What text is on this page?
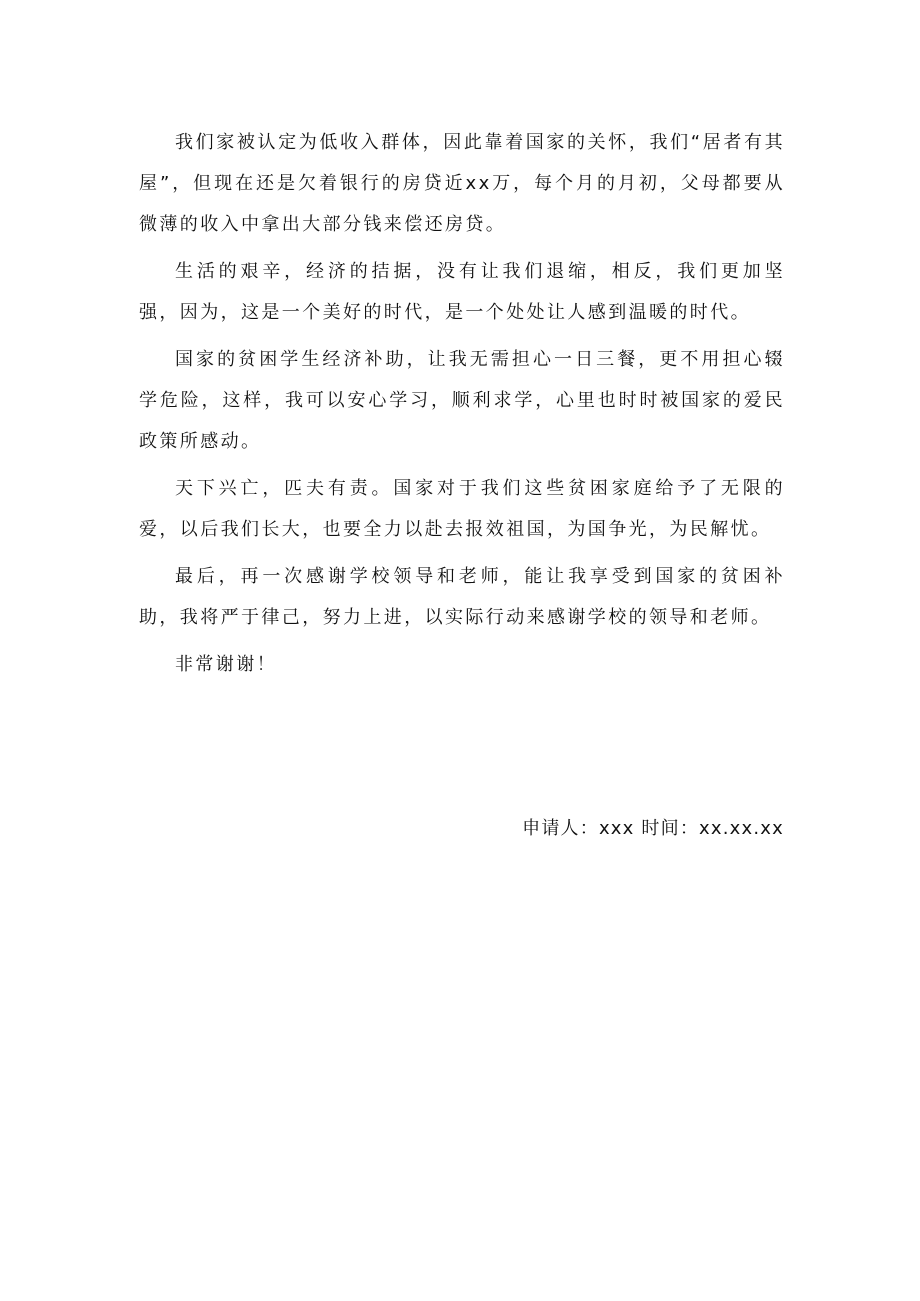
我们家被认定为低收入群体，因此靠着国家的关怀，我们“居者有其屋”，但现在还是欠着银行的房贷近xx万，每个月的月初，父母都要从微薄的收入中拿出大部分钱来偿还房贷。

生活的艰辛，经济的拮据，没有让我们退缩，相反，我们更加坚强，因为，这是一个美好的时代，是一个处处让人感到温暖的时代。

国家的贫困学生经济补助，让我无需担心一日三餐，更不用担心辍学危险，这样，我可以安心学习，顺利求学，心里也时时被国家的爱民政策所感动。

天下兴亡，匹夫有责。国家对于我们这些贫困家庭给予了无限的爱，以后我们长大，也要全力以赴去报效祖国，为国争光，为民解忧。

最后，再一次感谢学校领导和老师，能让我享受到国家的贫困补助，我将严于律己，努力上进，以实际行动来感谢学校的领导和老师。

非常谢谢！

申请人：xxx 时间：xx.xx.xx
